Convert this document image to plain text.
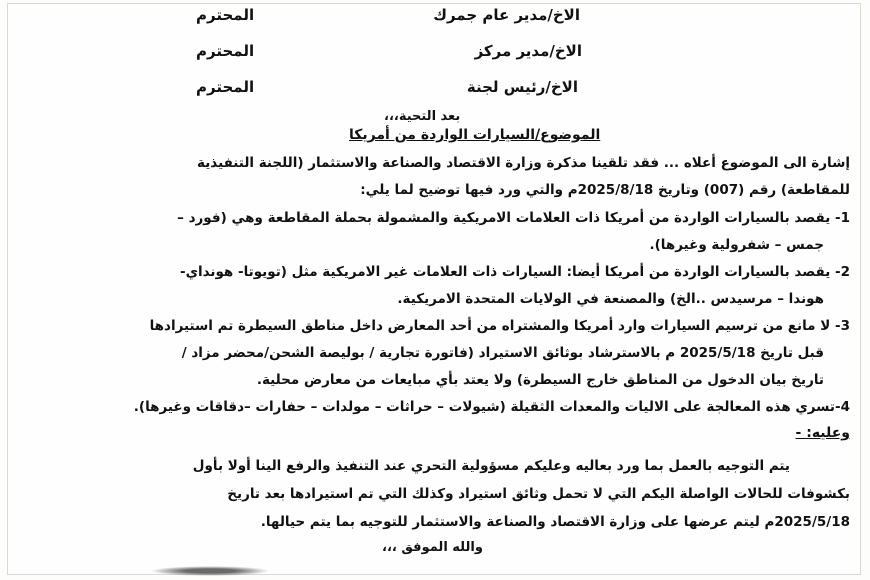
الاخ/مدير عام جمرك
المحترم
الاخ/مدير مركز
المحترم
الاخ/رئيس لجنة
المحترم
بعد التحية،،،
الموضوع/السيارات الواردة من أمريكا
إشارة الى الموضوع أعلاه ... فقد تلقينا مذكرة وزارة الاقتصاد والصناعة والاستثمار (اللجنة التنفيذية
للمقاطعة) رقم (007) وتاريخ 2025/8/18م والتي ورد فيها توضيح لما يلي:
1- يقصد بالسيارات الواردة من أمريكا ذات العلامات الامريكية والمشمولة بحملة المقاطعة وهي (فورد –
جمس – شفرولية وغيرها).
2- يقصد بالسيارات الواردة من أمريكا أيضا: السيارات ذات العلامات غير الامريكية مثل (تويوتا- هونداي-
هوندا – مرسيدس ..الخ) والمصنعة في الولايات المتحدة الامريكية.
3- لا مانع من ترسيم السيارات وارد أمريكا والمشتراه من أحد المعارض داخل مناطق السيطرة تم استيرادها
قبل تاريخ 2025/5/18 م بالاسترشاد بوثائق الاستيراد (فاتورة تجارية / بوليصة الشحن/محضر مزاد /
تاريخ بيان الدخول من المناطق خارج السيطرة) ولا يعتد بأي مبايعات من معارض محلية.
4-تسري هذه المعالجة على الاليات والمعدات الثقيلة (شيولات – حراثات – مولدات – حفارات –دقاقات وغيرها).
وعليه: -
يتم التوجيه بالعمل بما ورد بعاليه وعليكم مسؤولية التحري عند التنفيذ والرفع الينا أولا بأول
بكشوفات للحالات الواصلة اليكم التي لا تحمل وثائق استيراد وكذلك التي تم استيرادها بعد تاريخ
2025/5/18م ليتم عرضها على وزارة الاقتصاد والصناعة والاستثمار للتوجيه بما يتم حيالها.
والله الموفق ،،،
